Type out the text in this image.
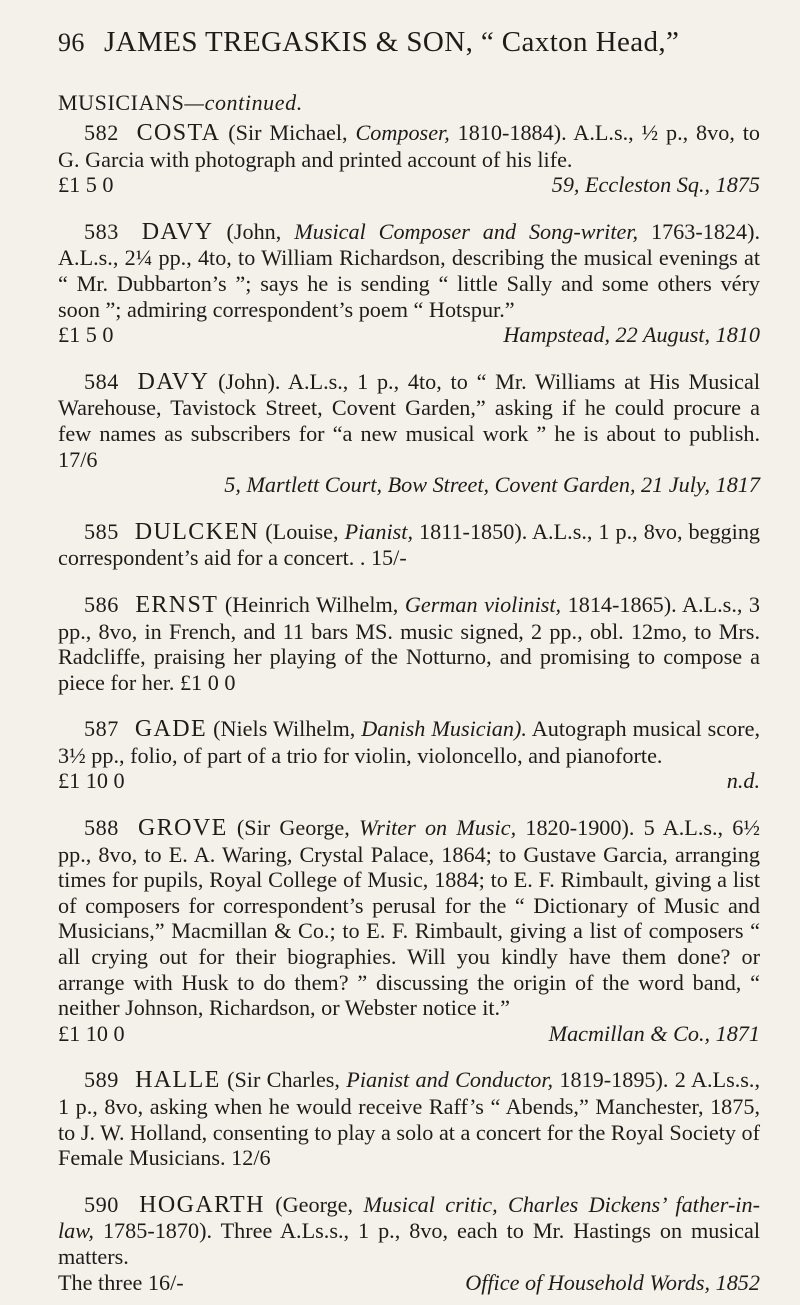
96 JAMES TREGASKIS & SON, “ Caxton Head,”
MUSICIANS—continued.
582 COSTA (Sir Michael, Composer, 1810-1884). A.L.s., ½ p., 8vo, to G. Garcia with photograph and printed account of his life.
£1 5 0	59, Eccleston Sq., 1875
583 DAVY (John, Musical Composer and Song-writer, 1763-1824). A.L.s., 2¼ pp., 4to, to William Richardson, describing the musical evenings at “ Mr. Dubbarton’s ”; says he is sending “ little Sally and some others véry soon ”; admiring correspondent’s poem “ Hotspur.”
£1 5 0	Hampstead, 22 August, 1810
584 DAVY (John). A.L.s., 1 p., 4to, to “ Mr. Williams at His Musical Warehouse, Tavistock Street, Covent Garden,” asking if he could procure a few names as subscribers for “a new musical work ” he is about to publish. 17/6
5, Martlett Court, Bow Street, Covent Garden, 21 July, 1817
585 DULCKEN (Louise, Pianist, 1811-1850). A.L.s., 1 p., 8vo, begging correspondent’s aid for a concert. . 15/-
586 ERNST (Heinrich Wilhelm, German violinist, 1814-1865). A.L.s., 3 pp., 8vo, in French, and 11 bars MS. music signed, 2 pp., obl. 12mo, to Mrs. Radcliffe, praising her playing of the Notturno, and promising to compose a piece for her. £1 0 0
587 GADE (Niels Wilhelm, Danish Musician). Autograph musical score, 3½ pp., folio, of part of a trio for violin, violoncello, and pianoforte.
£1 10 0	n.d.
588 GROVE (Sir George, Writer on Music, 1820-1900). 5 A.L.s., 6½ pp., 8vo, to E. A. Waring, Crystal Palace, 1864; to Gustave Garcia, arranging times for pupils, Royal College of Music, 1884; to E. F. Rimbault, giving a list of composers for correspondent’s perusal for the “ Dictionary of Music and Musicians,” Macmillan & Co.; to E. F. Rimbault, giving a list of composers “ all crying out for their biographies. Will you kindly have them done? or arrange with Husk to do them? ” discussing the origin of the word band, “ neither Johnson, Richardson, or Webster notice it.”
£1 10 0	Macmillan & Co., 1871
589 HALLE (Sir Charles, Pianist and Conductor, 1819-1895). 2 A.Ls.s., 1 p., 8vo, asking when he would receive Raff’s “ Abends,” Manchester, 1875, to J. W. Holland, consenting to play a solo at a concert for the Royal Society of Female Musicians. 12/6
590 HOGARTH (George, Musical critic, Charles Dickens’ father-in-law, 1785-1870). Three A.Ls.s., 1 p., 8vo, each to Mr. Hastings on musical matters.
The three 16/-	Office of Household Words, 1852
